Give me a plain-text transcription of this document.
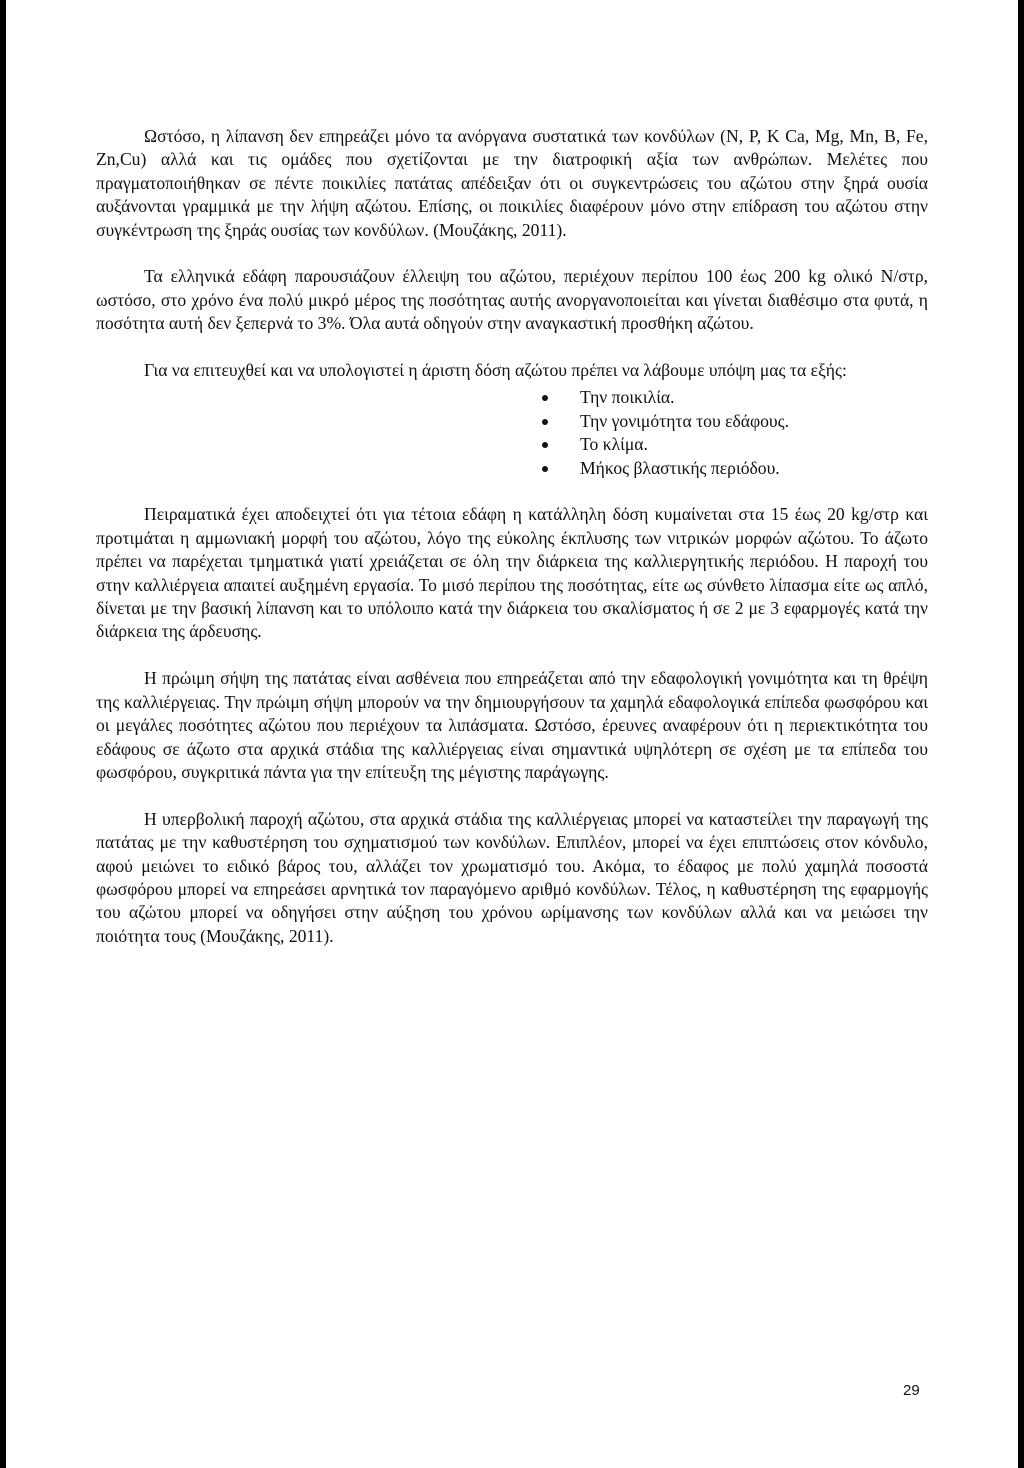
Ωστόσο, η λίπανση δεν επηρεάζει μόνο τα ανόργανα συστατικά των κονδύλων (N, P, K Ca, Mg, Mn, B, Fe, Zn,Cu) αλλά και τις ομάδες που σχετίζονται με την διατροφική αξία των ανθρώπων. Μελέτες που πραγματοποιήθηκαν σε πέντε ποικιλίες πατάτας απέδειξαν ότι οι συγκεντρώσεις του αζώτου στην ξηρά ουσία αυξάνονται γραμμικά με την λήψη αζώτου. Επίσης, οι ποικιλίες διαφέρουν μόνο στην επίδραση του αζώτου στην συγκέντρωση της ξηράς ουσίας των κονδύλων. (Μουζάκης, 2011).

Τα ελληνικά εδάφη παρουσιάζουν έλλειψη του αζώτου, περιέχουν περίπου 100 έως 200 kg ολικό N/στρ, ωστόσο, στο χρόνο ένα πολύ μικρό μέρος της ποσότητας αυτής ανοργανοποιείται και γίνεται διαθέσιμο στα φυτά, η ποσότητα αυτή δεν ξεπερνά το 3%. Όλα αυτά οδηγούν στην αναγκαστική προσθήκη αζώτου.

Για να επιτευχθεί και να υπολογιστεί η άριστη δόση αζώτου πρέπει να λάβουμε υπόψη μας τα εξής:

Την ποικιλία.
Την γονιμότητα του εδάφους.
Το κλίμα.
Μήκος βλαστικής περιόδου.

Πειραματικά έχει αποδειχτεί ότι για τέτοια εδάφη η κατάλληλη δόση κυμαίνεται στα 15 έως 20 kg/στρ και προτιμάται η αμμωνιακή μορφή του αζώτου, λόγο της εύκολης έκπλυσης των νιτρικών μορφών αζώτου. Το άζωτο πρέπει να παρέχεται τμηματικά γιατί χρειάζεται σε όλη την διάρκεια της καλλιεργητικής περιόδου. Η παροχή του στην καλλιέργεια απαιτεί αυξημένη εργασία. Το μισό περίπου της ποσότητας, είτε ως σύνθετο λίπασμα είτε ως απλό, δίνεται με την βασική λίπανση και το υπόλοιπο κατά την διάρκεια του σκαλίσματος ή σε 2 με 3 εφαρμογές κατά την διάρκεια της άρδευσης.

Η πρώιμη σήψη της πατάτας είναι ασθένεια που επηρεάζεται από την εδαφολογική γονιμότητα και τη θρέψη της καλλιέργειας. Την πρώιμη σήψη μπορούν να την δημιουργήσουν τα χαμηλά εδαφολογικά επίπεδα φωσφόρου και οι μεγάλες ποσότητες αζώτου που περιέχουν τα λιπάσματα. Ωστόσο, έρευνες αναφέρουν ότι η περιεκτικότητα του εδάφους σε άζωτο στα αρχικά στάδια της καλλιέργειας είναι σημαντικά υψηλότερη σε σχέση με τα επίπεδα του φωσφόρου, συγκριτικά πάντα για την επίτευξη της μέγιστης παράγωγης.

Η υπερβολική παροχή αζώτου, στα αρχικά στάδια της καλλιέργειας μπορεί να καταστείλει την παραγωγή της πατάτας με την καθυστέρηση του σχηματισμού των κονδύλων. Επιπλέον, μπορεί να έχει επιπτώσεις στον κόνδυλο, αφού μειώνει το ειδικό βάρος του, αλλάζει τον χρωματισμό του. Ακόμα, το έδαφος με πολύ χαμηλά ποσοστά φωσφόρου μπορεί να επηρεάσει αρνητικά τον παραγόμενο αριθμό κονδύλων. Τέλος, η καθυστέρηση της εφαρμογής του αζώτου μπορεί να οδηγήσει στην αύξηση του χρόνου ωρίμανσης των κονδύλων αλλά και να μειώσει την ποιότητα τους (Μουζάκης, 2011).

29
